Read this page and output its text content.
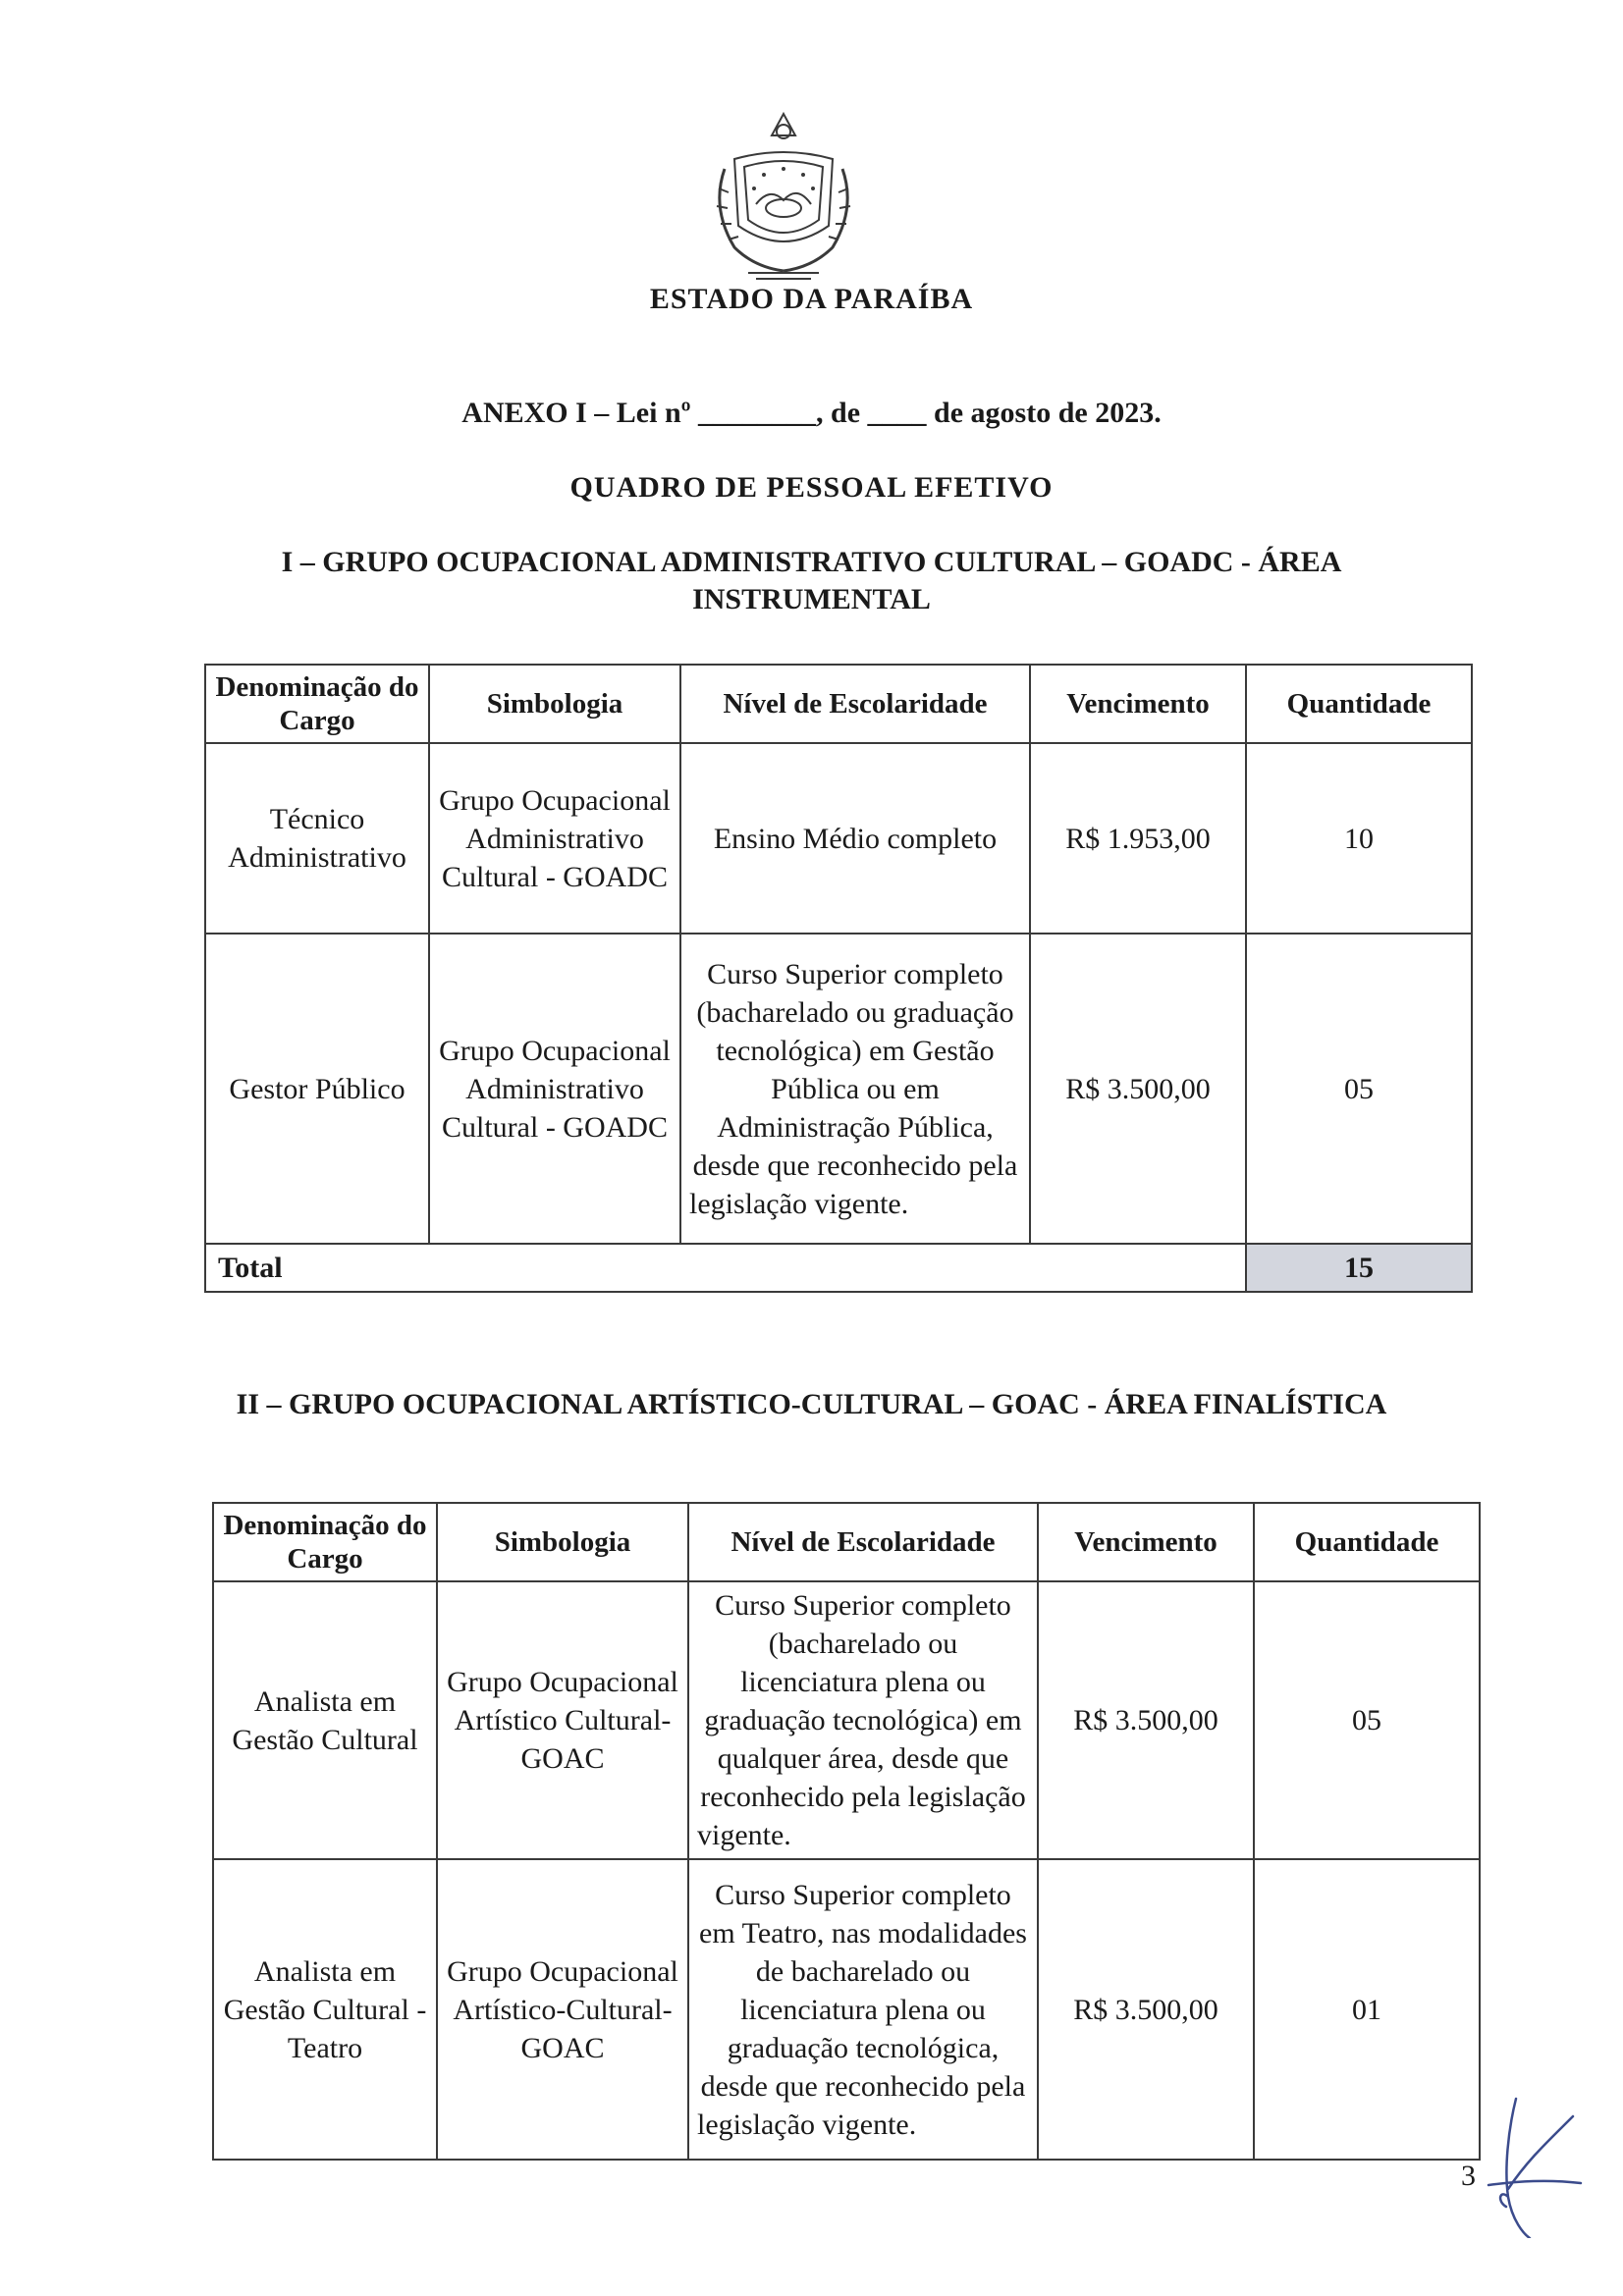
ESTADO DA PARAÍBA
ANEXO I – Lei nº ________, de ____ de agosto de 2023.
QUADRO DE PESSOAL EFETIVO
I – GRUPO OCUPACIONAL ADMINISTRATIVO CULTURAL – GOADC - ÁREA INSTRUMENTAL
Denominação do Cargo	Simbologia	Nível de Escolaridade	Vencimento	Quantidade
Técnico Administrativo	Grupo Ocupacional Administrativo Cultural - GOADC	Ensino Médio completo	R$ 1.953,00	10
Gestor Público	Grupo Ocupacional Administrativo Cultural - GOADC	Curso Superior completo (bacharelado ou graduação tecnológica) em Gestão Pública ou em Administração Pública, desde que reconhecido pela legislação vigente.	R$ 3.500,00	05
Total				15
II – GRUPO OCUPACIONAL ARTÍSTICO-CULTURAL – GOAC - ÁREA FINALÍSTICA
Denominação do Cargo	Simbologia	Nível de Escolaridade	Vencimento	Quantidade
Analista em Gestão Cultural	Grupo Ocupacional Artístico Cultural-GOAC	Curso Superior completo (bacharelado ou licenciatura plena ou graduação tecnológica) em qualquer área, desde que reconhecido pela legislação vigente.	R$ 3.500,00	05
Analista em Gestão Cultural - Teatro	Grupo Ocupacional Artístico-Cultural-GOAC	Curso Superior completo em Teatro, nas modalidades de bacharelado ou licenciatura plena ou graduação tecnológica, desde que reconhecido pela legislação vigente.	R$ 3.500,00	01
3
